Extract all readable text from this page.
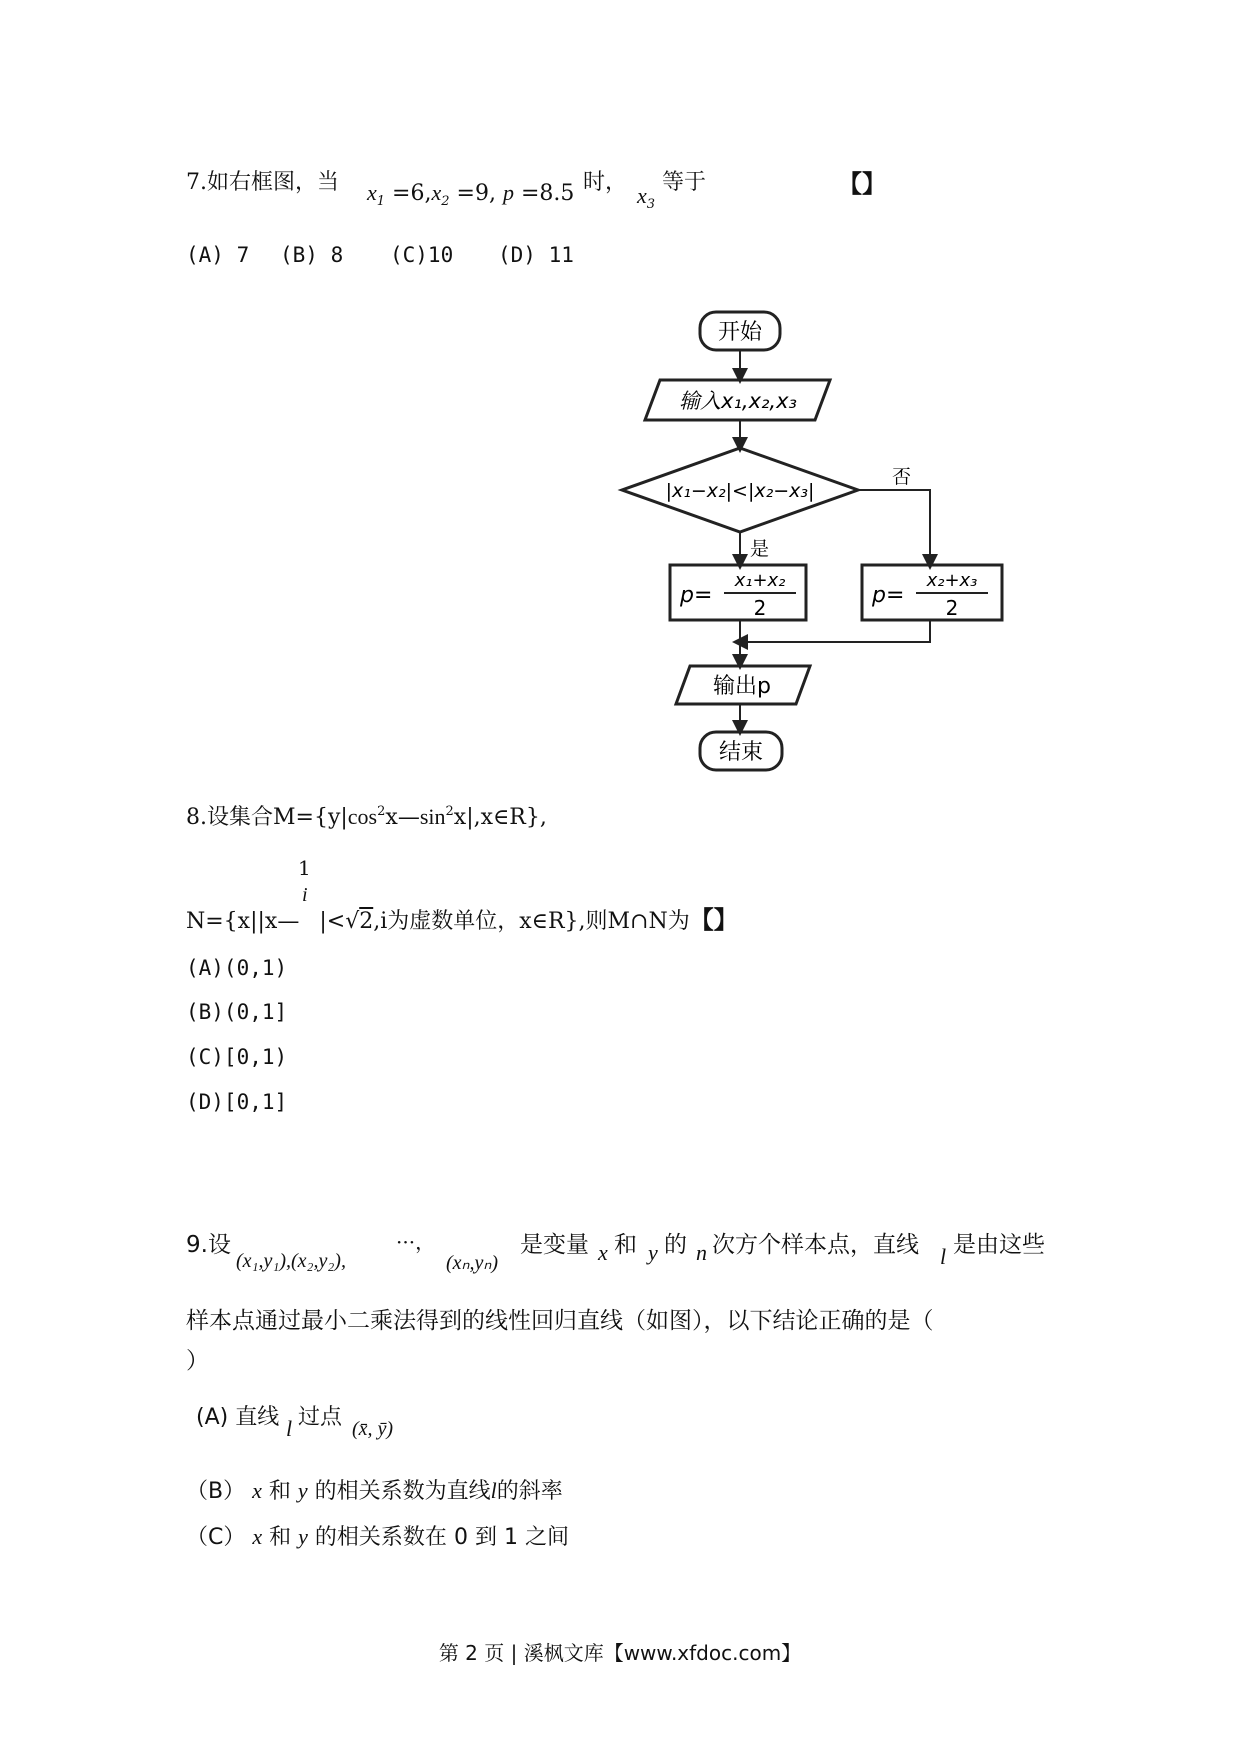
7.如右框图，当 $x_1 =6,x_2 =9$, p =8.5 时，
$x_3$
等于	【】
(A) 7 (B) 8 (C)10 (D) 11
开始
输入x₁,x₂,x₃
|x₁−x₂|<|x₂−x₃|
否
是
p=
x₁+x₂
2	p=
x₂+x₃
2
输出p
结束
8.设集合$M=\{y|\cos^2x—\sin^2x|,x\in R\}$,
1
i
N={x||x— |<√2,i为虚数单位，x∈R},则M∩N为【】
(A)(0,1)
(B)(0,1]
(C)[0,1)
(D)[0,1]
9.设
(x₁,y₁),(x₂,y₂),
···，
(xₙ,yₙ)
是变量 x 和 y 的 n 次方个样本点，直线 l 是由这些
样本点通过最小二乘法得到的线性回归直线（如图），以下结论正确的是（
）
(A) 直线 l 过点 (x̄, ȳ)
（B） x 和 y 的相关系数为直线l的斜率
（C） x 和 y 的相关系数在 0 到 1 之间
第 2 页 | 溪枫文库【www.xfdoc.com】
